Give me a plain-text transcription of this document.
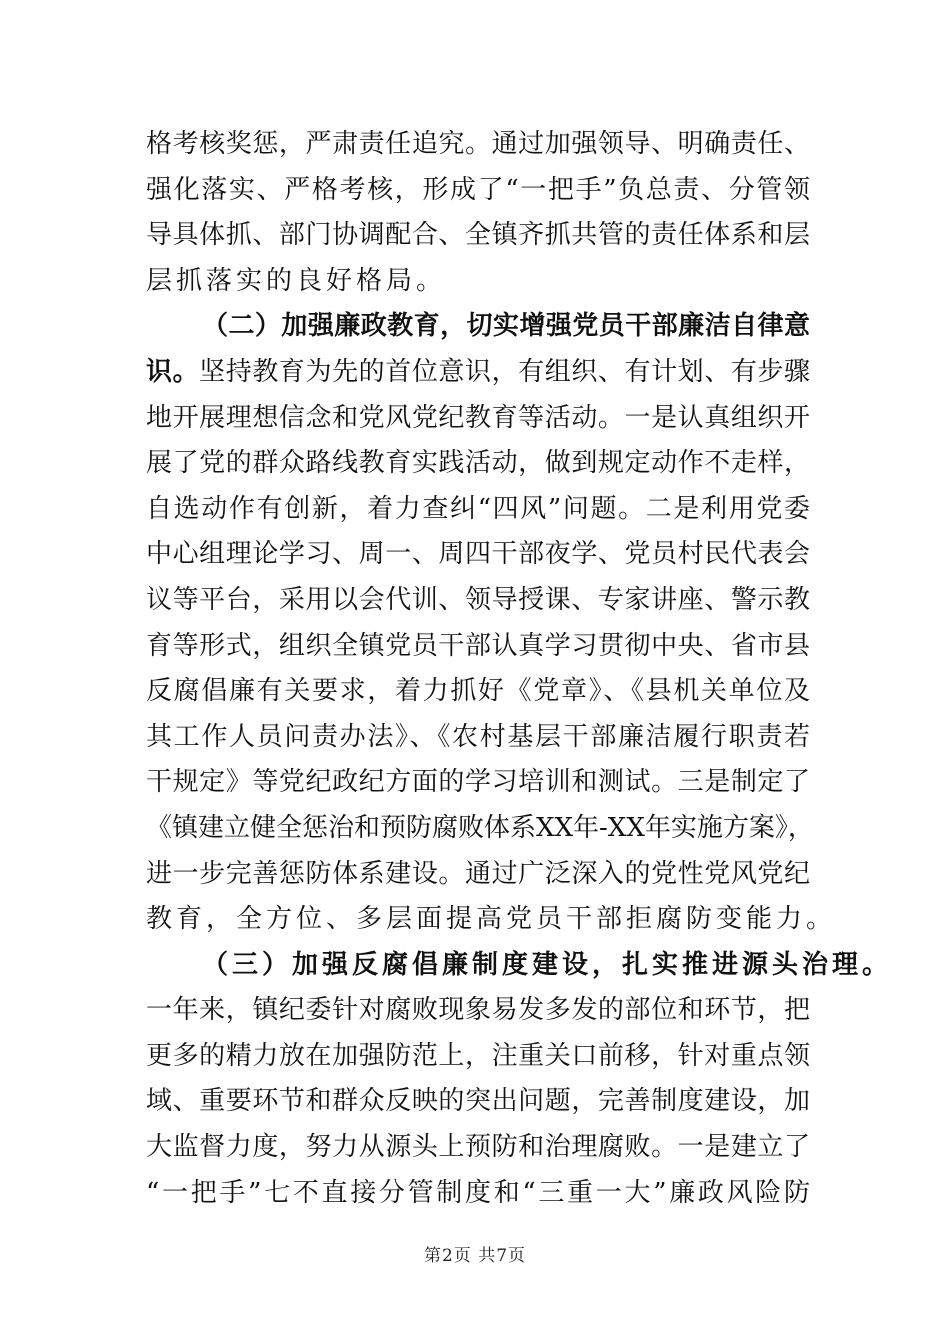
格考核奖惩，严肃责任追究。通过加强领导、明确责任、
强化落实、严格考核，形成了“一把手”负总责、分管领
导具体抓、部门协调配合、全镇齐抓共管的责任体系和层
层抓落实的良好格局。
（二）加强廉政教育，切实增强党员干部廉洁自律意
识。坚持教育为先的首位意识，有组织、有计划、有步骤
地开展理想信念和党风党纪教育等活动。一是认真组织开
展了党的群众路线教育实践活动，做到规定动作不走样，
自选动作有创新，着力查纠“四风”问题。二是利用党委
中心组理论学习、周一、周四干部夜学、党员村民代表会
议等平台，采用以会代训、领导授课、专家讲座、警示教
育等形式，组织全镇党员干部认真学习贯彻中央、省市县
反腐倡廉有关要求，着力抓好《党章》、《县机关单位及
其工作人员问责办法》、《农村基层干部廉洁履行职责若
干规定》等党纪政纪方面的学习培训和测试。三是制定了
《镇建立健全惩治和预防腐败体系XX年-XX年实施方案》，
进一步完善惩防体系建设。通过广泛深入的党性党风党纪
教育，全方位、多层面提高党员干部拒腐防变能力。
（三）加强反腐倡廉制度建设，扎实推进源头治理。
一年来，镇纪委针对腐败现象易发多发的部位和环节，把
更多的精力放在加强防范上，注重关口前移，针对重点领
域、重要环节和群众反映的突出问题，完善制度建设，加
大监督力度，努力从源头上预防和治理腐败。一是建立了
“一把手”七不直接分管制度和“三重一大”廉政风险防
第2页 共7页
